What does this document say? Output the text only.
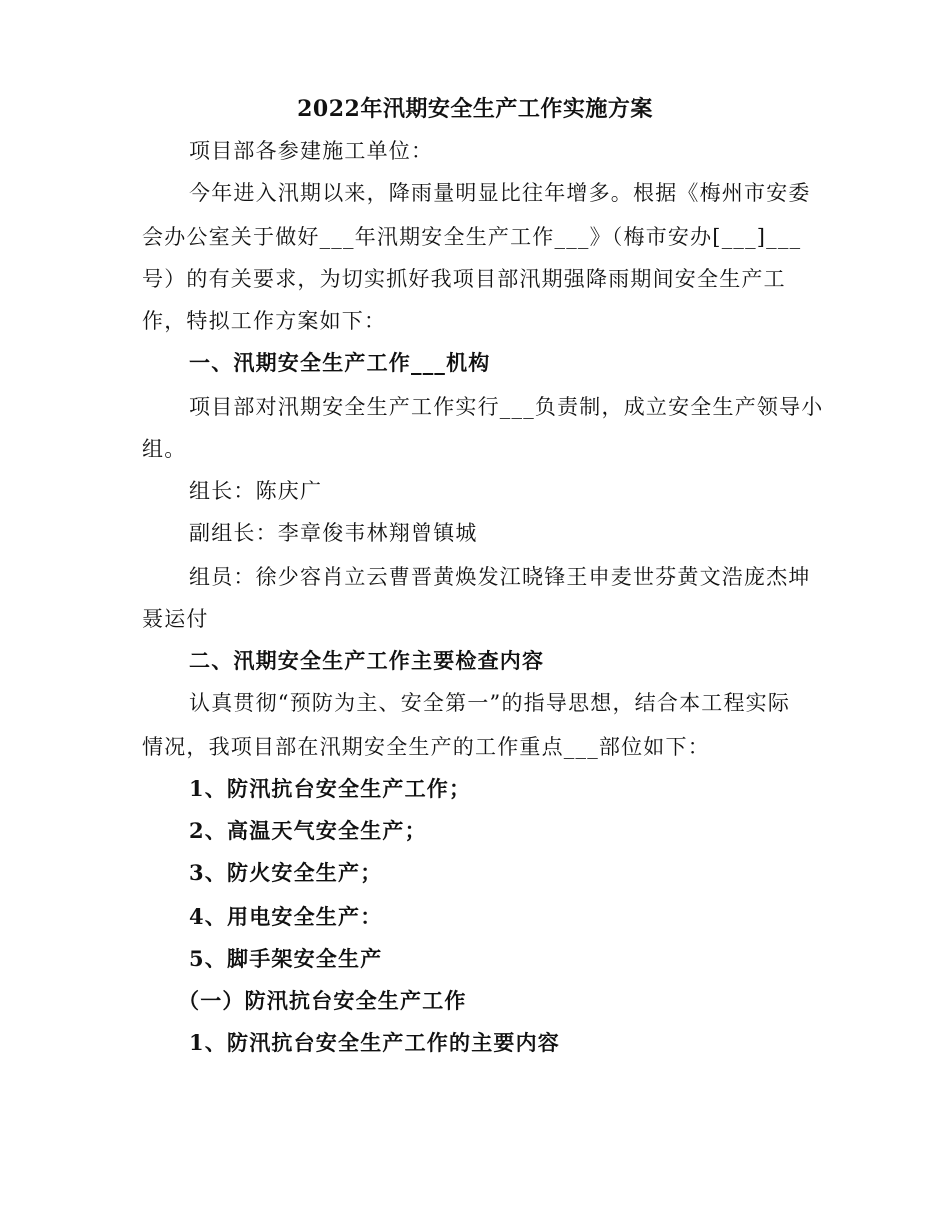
2022年汛期安全生产工作实施方案
项目部各参建施工单位：
今年进入汛期以来，降雨量明显比往年增多。根据《梅州市安委
会办公室关于做好___年汛期安全生产工作___》（梅市安办[___]___
号）的有关要求，为切实抓好我项目部汛期强降雨期间安全生产工
作，特拟工作方案如下：
一、汛期安全生产工作___机构
项目部对汛期安全生产工作实行___负责制，成立安全生产领导小
组。
组长：陈庆广
副组长：李章俊韦林翔曾镇城
组员：徐少容肖立云曹晋黄焕发江晓锋王申麦世芬黄文浩庞杰坤
聂运付
二、汛期安全生产工作主要检查内容
认真贯彻“预防为主、安全第一”的指导思想，结合本工程实际
情况，我项目部在汛期安全生产的工作重点___部位如下：
1、防汛抗台安全生产工作；
2、高温天气安全生产；
3、防火安全生产；
4、用电安全生产：
5、脚手架安全生产
（一）防汛抗台安全生产工作
1、防汛抗台安全生产工作的主要内容
